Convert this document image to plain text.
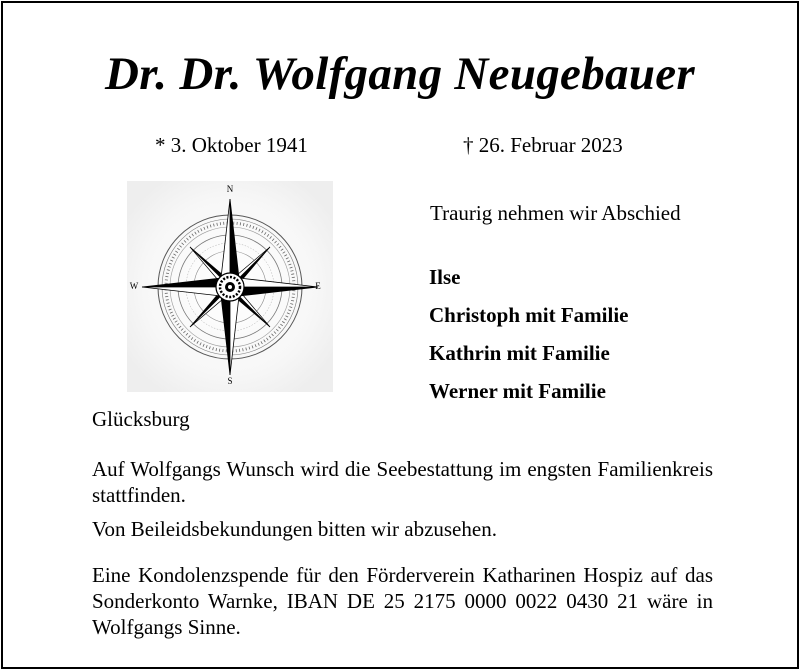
Dr. Dr. Wolfgang Neugebauer
* 3. Oktober 1941	† 26. Februar 2023
N
E
S
W
Traurig nehmen wir Abschied
Ilse
Christoph mit Familie
Kathrin mit Familie
Werner mit Familie
Glücksburg

Auf Wolfgangs Wunsch wird die Seebestattung im engsten Familienkreis stattfinden.

Von Beileidsbekundungen bitten wir abzusehen.

Eine Kondolenzspende für den Förderverein Katharinen Hospiz auf das Sonderkonto Warnke, IBAN DE 25 2175 0000 0022 0430 21 wäre in Wolfgangs Sinne.
